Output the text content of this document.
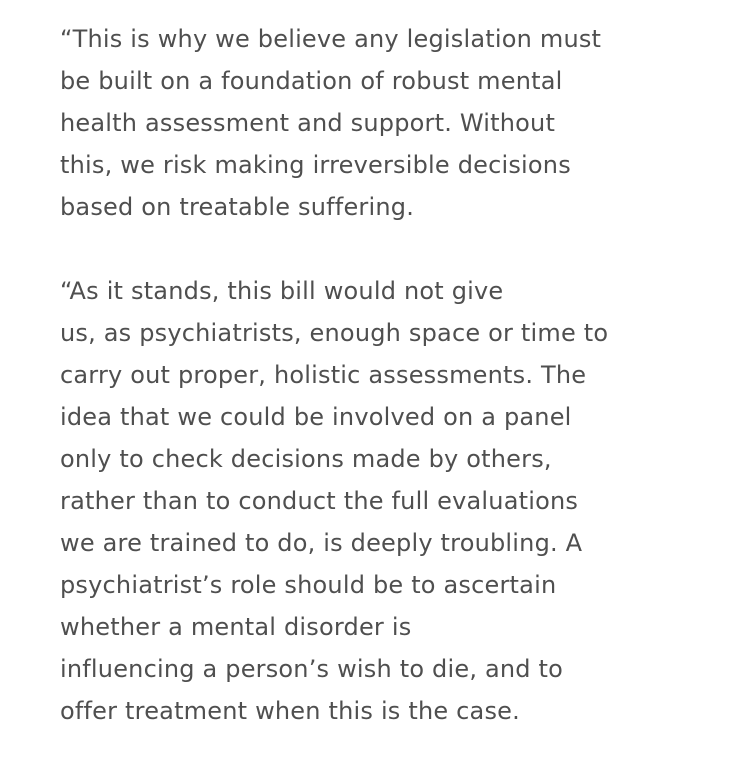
“This is why we believe any legislation must
be built on a foundation of robust mental
health assessment and support. Without
this, we risk making irreversible decisions
based on treatable suffering.

“As it stands, this bill would not give
us, as psychiatrists, enough space or time to
carry out proper, holistic assessments. The
idea that we could be involved on a panel
only to check decisions made by others,
rather than to conduct the full evaluations
we are trained to do, is deeply troubling. A
psychiatrist’s role should be to ascertain
whether a mental disorder is
influencing a person’s wish to die, and to
offer treatment when this is the case.
